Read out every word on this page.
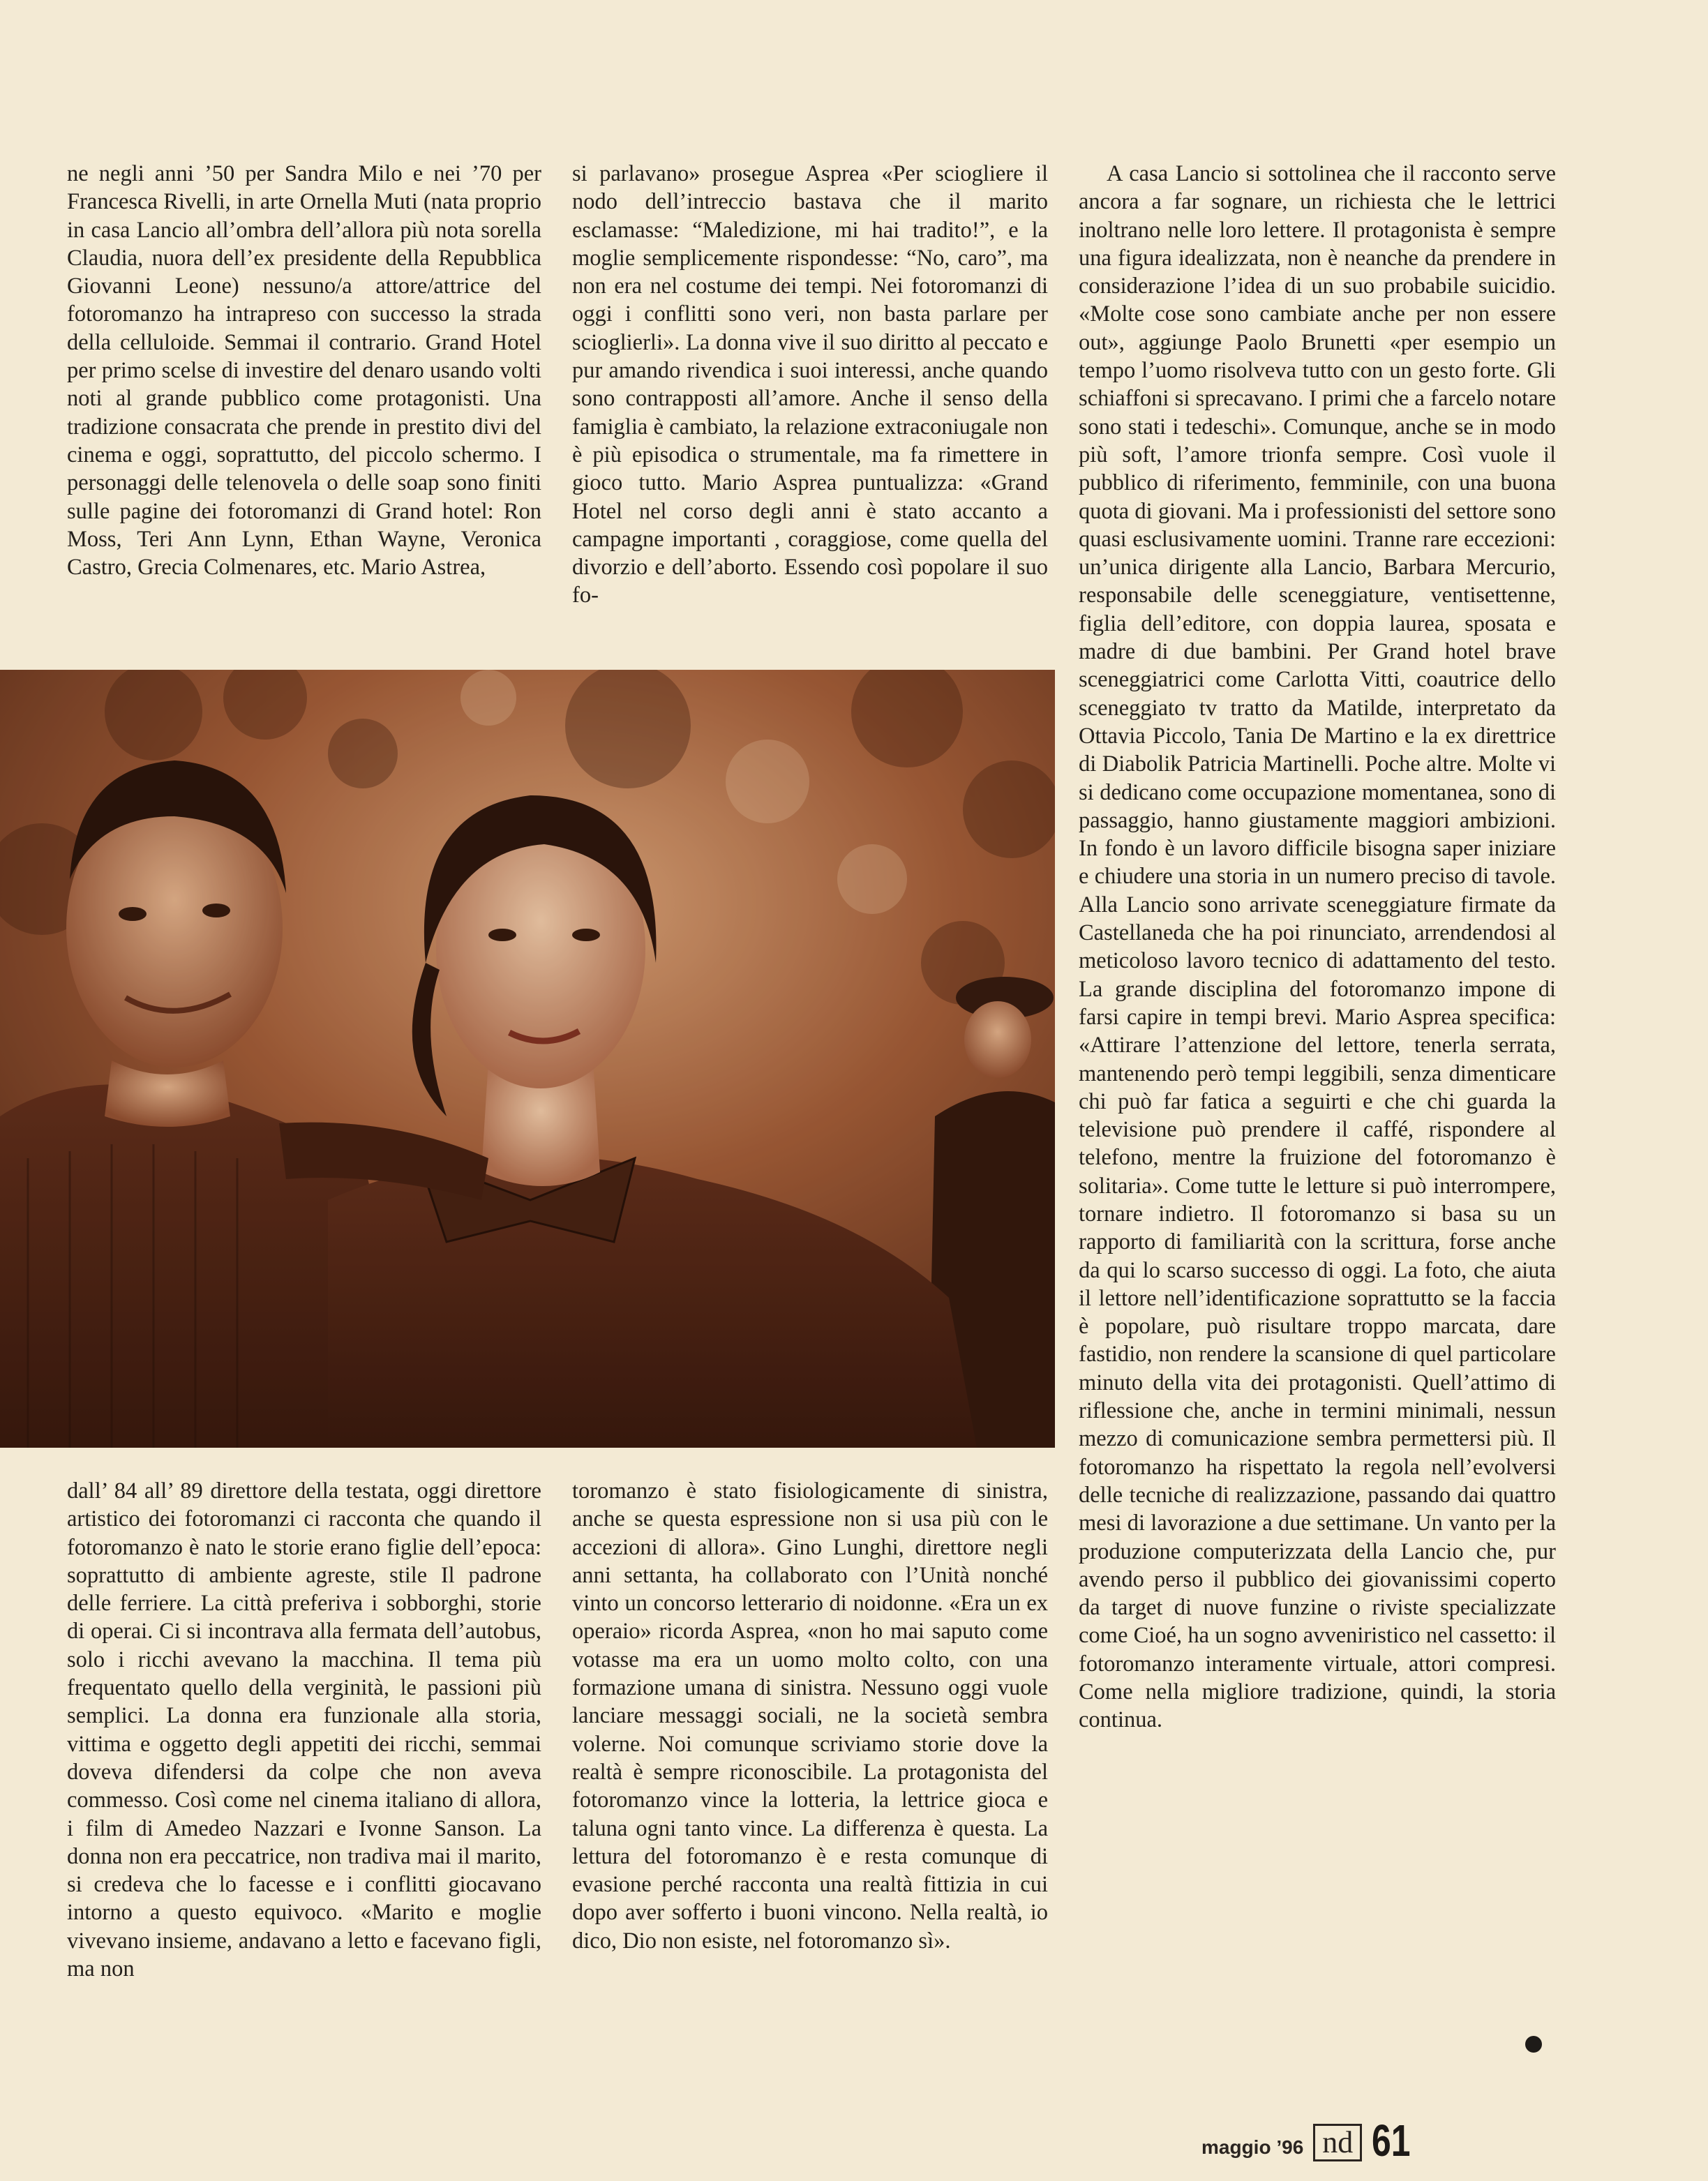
ne negli anni ’50 per Sandra Milo e nei ’70 per Francesca Rivelli, in arte Ornella Muti (nata proprio in casa Lancio all’ombra dell’allora più nota sorella Claudia, nuora dell’ex presidente della Repubblica Giovanni Leone) nessuno/a attore/attrice del fotoromanzo ha intrapreso con successo la strada della celluloide. Semmai il contrario. Grand Hotel per primo scelse di investire del denaro usando volti noti al grande pubblico come protagonisti. Una tradizione consacrata che prende in prestito divi del cinema e oggi, soprattutto, del piccolo schermo. I personaggi delle telenovela o delle soap sono finiti sulle pagine dei fotoromanzi di Grand hotel: Ron Moss, Teri Ann Lynn, Ethan Wayne, Veronica Castro, Grecia Colmenares, etc. Mario Astrea,

si parlavano» prosegue Asprea «Per sciogliere il nodo dell’intreccio bastava che il marito esclamasse: “Maledizione, mi hai tradito!”, e la moglie semplicemente rispondesse: “No, caro”, ma non era nel costume dei tempi. Nei fotoromanzi di oggi i conflitti sono veri, non basta parlare per scioglierli». La donna vive il suo diritto al peccato e pur amando rivendica i suoi interessi, anche quando sono contrapposti all’amore. Anche il senso della famiglia è cambiato, la relazione extraconiugale non è più episodica o strumentale, ma fa rimettere in gioco tutto. Mario Asprea puntualizza: «Grand Hotel nel corso degli anni è stato accanto a campagne importanti , coraggiose, come quella del divorzio e dell’aborto. Essendo così popolare il suo fo-

A casa Lancio si sottolinea che il racconto serve ancora a far sognare, un richiesta che le lettrici inoltrano nelle loro lettere. Il protagonista è sempre una figura idealizzata, non è neanche da prendere in considerazione l’idea di un suo probabile suicidio. «Molte cose sono cambiate anche per non essere out», aggiunge Paolo Brunetti «per esempio un tempo l’uomo risolveva tutto con un gesto forte. Gli schiaffoni si sprecavano. I primi che a farcelo notare sono stati i tedeschi». Comunque, anche se in modo più soft, l’amore trionfa sempre. Così vuole il pubblico di riferimento, femminile, con una buona quota di giovani. Ma i professionisti del settore sono quasi esclusivamente uomini. Tranne rare eccezioni: un’unica dirigente alla Lancio, Barbara Mercurio, responsabile delle sceneggiature, ventisettenne, figlia dell’editore, con doppia laurea, sposata e madre di due bambini. Per Grand hotel brave sceneggiatrici come Carlotta Vitti, coautrice dello sceneggiato tv tratto da Matilde, interpretato da Ottavia Piccolo, Tania De Martino e la ex direttrice di Diabolik Patricia Martinelli. Poche altre. Molte vi si dedicano come occupazione momentanea, sono di passaggio, hanno giustamente maggiori ambizioni. In fondo è un lavoro difficile bisogna saper iniziare e chiudere una storia in un numero preciso di tavole. Alla Lancio sono arrivate sceneggiature firmate da Castellaneda che ha poi rinunciato, arrendendosi al meticoloso lavoro tecnico di adattamento del testo. La grande disciplina del fotoromanzo impone di farsi capire in tempi brevi. Mario Asprea specifica: «Attirare l’attenzione del lettore, tenerla serrata, mantenendo però tempi leggibili, senza dimenticare chi può far fatica a seguirti e che chi guarda la televisione può prendere il caffé, rispondere al telefono, mentre la fruizione del fotoromanzo è solitaria». Come tutte le letture si può interrompere, tornare indietro. Il fotoromanzo si basa su un rapporto di familiarità con la scrittura, forse anche da qui lo scarso successo di oggi. La foto, che aiuta il lettore nell’identificazione soprattutto se la faccia è popolare, può risultare troppo marcata, dare fastidio, non rendere la scansione di quel particolare minuto della vita dei protagonisti. Quell’attimo di riflessione che, anche in termini minimali, nessun mezzo di comunicazione sembra permettersi più. Il fotoromanzo ha rispettato la regola nell’evolversi delle tecniche di realizzazione, passando dai quattro mesi di lavorazione a due settimane. Un vanto per la produzione computerizzata della Lancio che, pur avendo perso il pubblico dei giovanissimi coperto da target di nuove funzine o riviste specializzate come Cioé, ha un sogno avveniristico nel cassetto: il fotoromanzo interamente virtuale, attori compresi. Come nella migliore tradizione, quindi, la storia continua.

dall’ 84 all’ 89 direttore della testata, oggi direttore artistico dei fotoromanzi ci racconta che quando il fotoromanzo è nato le storie erano figlie dell’epoca: soprattutto di ambiente agreste, stile Il padrone delle ferriere. La città preferiva i sobborghi, storie di operai. Ci si incontrava alla fermata dell’autobus, solo i ricchi avevano la macchina. Il tema più frequentato quello della verginità, le passioni più semplici. La donna era funzionale alla storia, vittima e oggetto degli appetiti dei ricchi, semmai doveva difendersi da colpe che non aveva commesso. Così come nel cinema italiano di allora, i film di Amedeo Nazzari e Ivonne Sanson. La donna non era peccatrice, non tradiva mai il marito, si credeva che lo facesse e i conflitti giocavano intorno a questo equivoco. «Marito e moglie vivevano insieme, andavano a letto e facevano figli, ma non

toromanzo è stato fisiologicamente di sinistra, anche se questa espressione non si usa più con le accezioni di allora». Gino Lunghi, direttore negli anni settanta, ha collaborato con l’Unità nonché vinto un concorso letterario di noidonne. «Era un ex operaio» ricorda Asprea, «non ho mai saputo come votasse ma era un uomo molto colto, con una formazione umana di sinistra. Nessuno oggi vuole lanciare messaggi sociali, ne la società sembra volerne. Noi comunque scriviamo storie dove la realtà è sempre riconoscibile. La protagonista del fotoromanzo vince la lotteria, la lettrice gioca e taluna ogni tanto vince. La differenza è questa. La lettura del fotoromanzo è e resta comunque di evasione perché racconta una realtà fittizia in cui dopo aver sofferto i buoni vincono. Nella realtà, io dico, Dio non esiste, nel fotoromanzo sì».

maggio ’96 nd 61
